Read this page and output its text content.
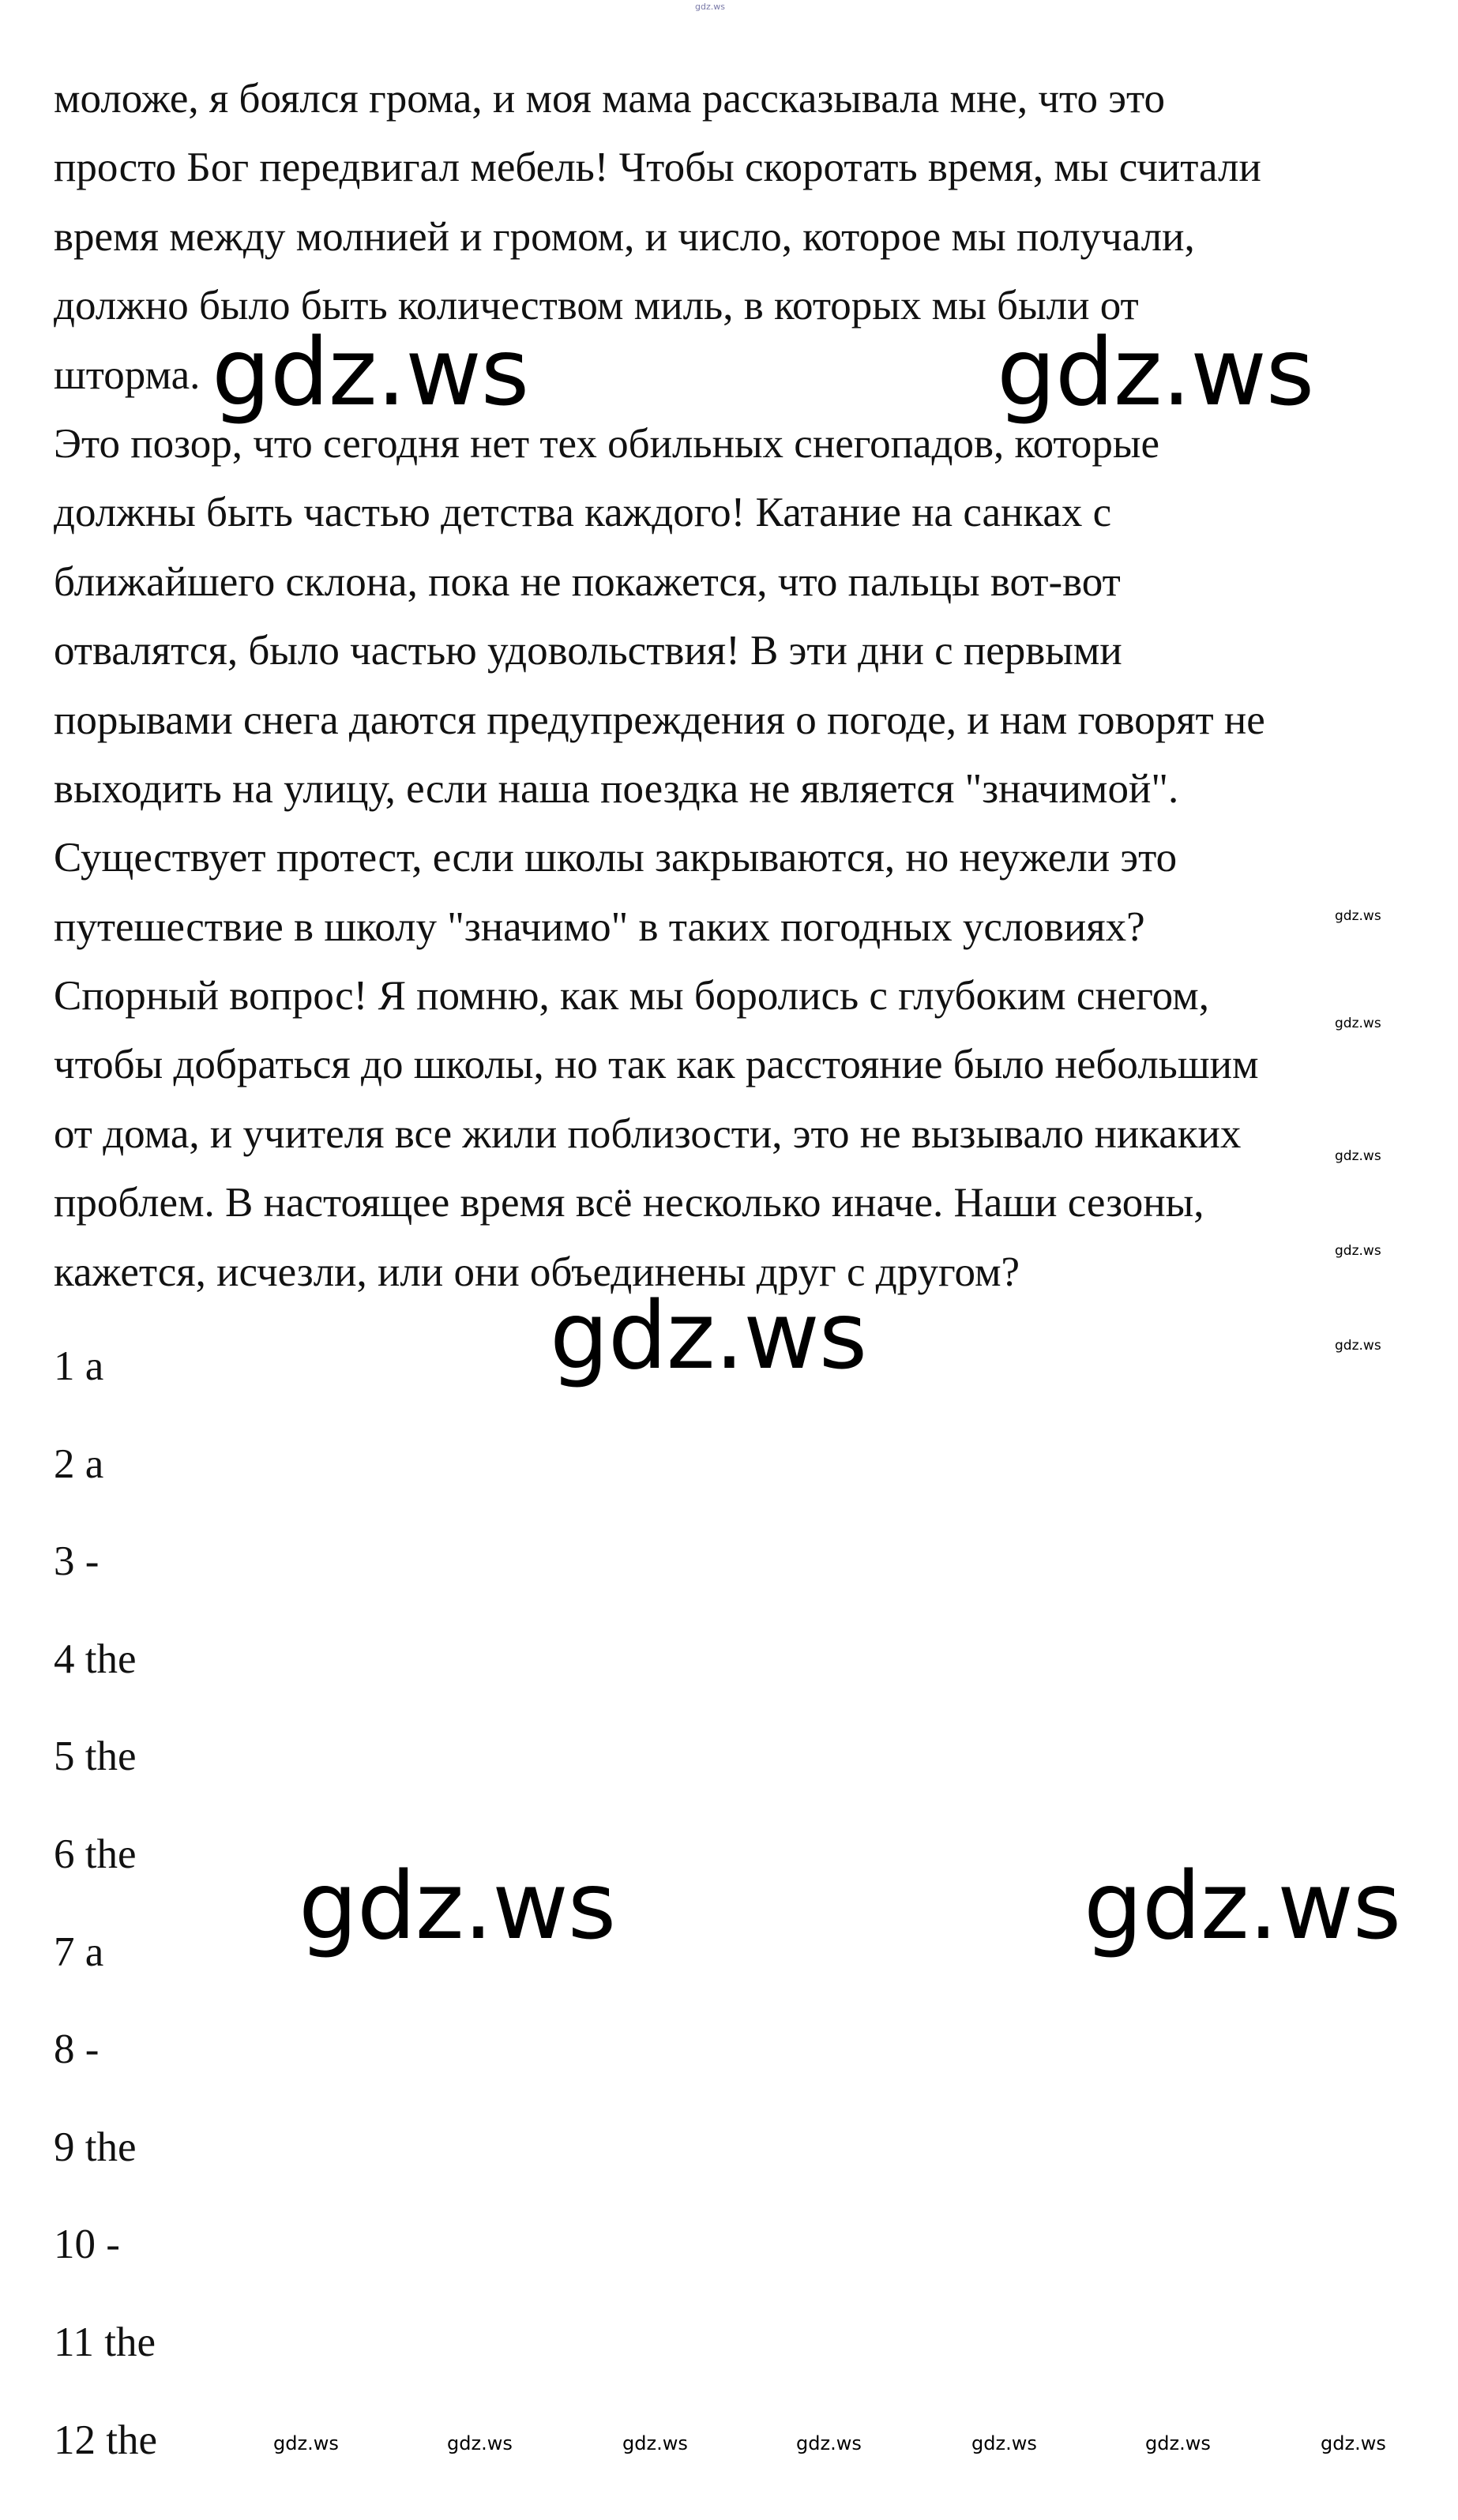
gdz.ws
моложе, я боялся грома, и моя мама рассказывала мне, что это
просто Бог передвигал мебель! Чтобы скоротать время, мы считали
время между молнией и громом, и число, которое мы получали,
должно было быть количеством миль, в которых мы были от
шторма.
Это позор, что сегодня нет тех обильных снегопадов, которые
должны быть частью детства каждого! Катание на санках с
ближайшего склона, пока не покажется, что пальцы вот-вот
отвалятся, было частью удовольствия! В эти дни с первыми
порывами снега даются предупреждения о погоде, и нам говорят не
выходить на улицу, если наша поездка не является "значимой".
Существует протест, если школы закрываются, но неужели это
путешествие в школу "значимо" в таких погодных условиях?
Спорный вопрос! Я помню, как мы боролись с глубоким снегом,
чтобы добраться до школы, но так как расстояние было небольшим
от дома, и учителя все жили поблизости, это не вызывало никаких
проблем. В настоящее время всё несколько иначе. Наши сезоны,
кажется, исчезли, или они объединены друг с другом?
1 a
2 a
3 -
4 the
5 the
6 the
7 a
8 -
9 the
10 -
11 the
12 the
gdz.ws	gdz.ws
gdz.ws
gdz.ws	gdz.ws
gdz.ws
gdz.ws
gdz.ws
gdz.ws
gdz.ws
gdz.ws	gdz.ws	gdz.ws	gdz.ws	gdz.ws	gdz.ws	gdz.ws
